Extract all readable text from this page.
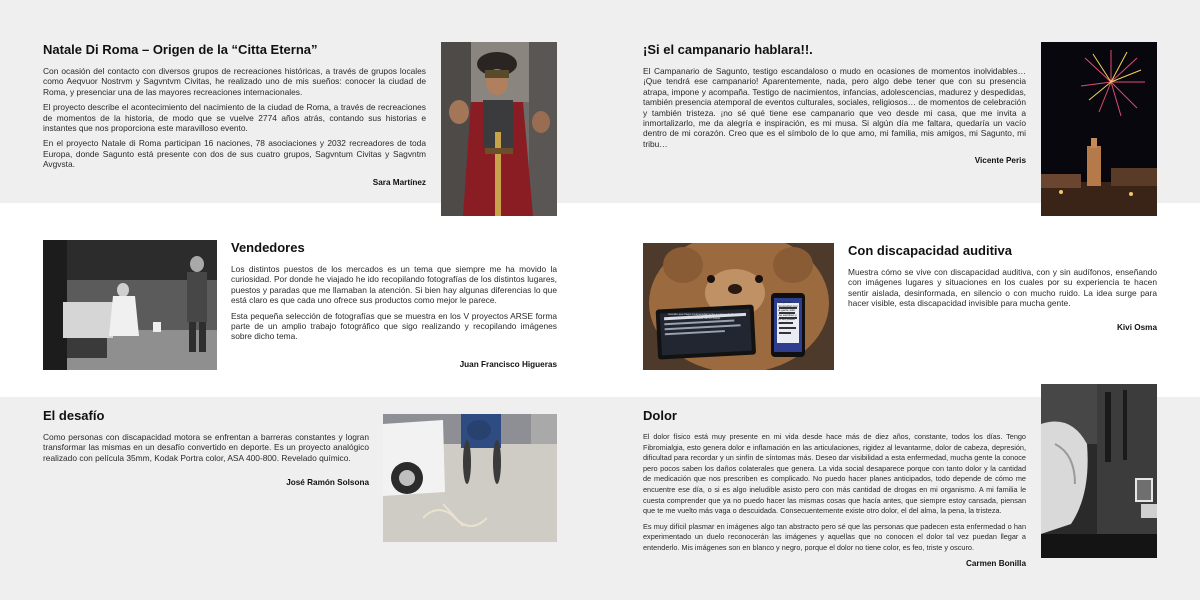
Natale Di Roma – Origen de la “Citta Eterna”

Con ocasión del contacto con diversos grupos de recreaciones históricas, a través de grupos locales como Aeqvuor Nostrvm y Sagvntvm Civitas, he realizado uno de mis sueños: conocer la ciudad de Roma, y presenciar una de las mayores recreaciones internacionales.

El proyecto describe el acontecimiento del nacimiento de la ciudad de Roma, a través de recreaciones de momentos de la historia, de modo que se vuelve 2774 años atrás, contando sus historias e instantes que nos proporciona este maravilloso evento.

En el proyecto Natale di Roma participan 16 naciones, 78 asociaciones y 2032 recreadores de toda Europa, donde Sagunto está presente con dos de sus cuatro grupos, Sagvntum Civitas y Sagvntm Avgvsta.

Sara Martínez
¡Si el campanario hablara!!.

El Campanario de Sagunto, testigo escandaloso o mudo en ocasiones de momentos inolvidables… ¡Que tendrá ese campanario! Aparentemente, nada, pero algo debe tener que con su presencia atrapa, impone y acompaña. Testigo de nacimientos, infancias, adolescencias, madurez y despedidas, también presencia atemporal de eventos culturales, sociales, religiosos… de momentos de celebración y también tristeza. ¡no sé qué tiene ese campanario que veo desde mi casa, que me invita a inmortalizarlo, me da alegría e inspiración, es mi musa. Si algún día me faltara, quedaría un vacío dentro de mi corazón. Creo que es el símbolo de lo que amo, mi familia, mis amigos, mi Sagunto, mi tribu…

Vicente Peris
Vendedores

Los distintos puestos de los mercados es un tema que siempre me ha movido la curiosidad. Por donde he viajado he ido recopilando fotografías de los distintos lugares, puestos y paradas que me llamaban la atención. Si bien hay algunas diferencias lo que está claro es que cada uno ofrece sus productos como mejor le parece.

Esta pequeña selección de fotografías que se muestra en los V proyectos ARSE forma parte de un amplio trabajo fotográfico que sigo realizando y recopilando imágenes sobre dicho tema.

Juan Francisco Higueras
Con discapacidad auditiva

Muestra cómo se vive con discapacidad auditiva, con y sin audífonos, enseñando con imágenes lugares y situaciones en los cuales por su experiencia te hacen sentir aislada, desinformada, en silencio o con mucho ruido. La idea surge para hacer visible, esta discapacidad invisible para mucha gente.

Kivi Osma
El desafío

Como personas con discapacidad motora se enfrentan a barreras constantes y logran transformar las mismas en un desafío convertido en deporte. Es un proyecto analógico realizado con película 35mm, Kodak Portra color, ASA 400-800. Revelado químico.

José Ramón Solsona
Dolor

El dolor físico está muy presente en mi vida desde hace más de diez años, constante, todos los días. Tengo Fibromialgia, esto genera dolor e inflamación en las articulaciones, rigidez al levantarme, dolor de cabeza, depresión, dificultad para recordar y un sinfín de síntomas más. Deseo dar visibilidad a esta enfermedad, mucha gente la conoce pero pocos saben los daños colaterales que genera. La vida social desaparece porque con tanto dolor y la cantidad de medicación que nos prescriben es complicado. No puedo hacer planes anticipados, todo depende de cómo me encuentre ese día, o si es algo ineludible asisto pero con más cantidad de drogas en mi organismo. A mi familia le cuesta comprender que ya no puedo hacer las mismas cosas que hacía antes, que siempre estoy cansada, piensan que te me vuelto más vaga o descuidada. Consecuentemente existe otro dolor, el del alma, la pena, la tristeza.

Es muy difícil plasmar en imágenes algo tan abstracto pero sé que las personas que padecen esta enfermedad o han experimentado un duelo reconocerán las imágenes y aquellas que no conocen el dolor tal vez puedan llegar a entenderlo. Mis imágenes son en blanco y negro, porque el dolor no tiene color, es feo, triste y oscuro.

Carmen Bonilla
cuando que llega inesperadamente a casa y lo tienes que utilizar el intercomunicador de mi mano
me puedo comunicar con la gente sólo me escriben y yo les puedo leer
